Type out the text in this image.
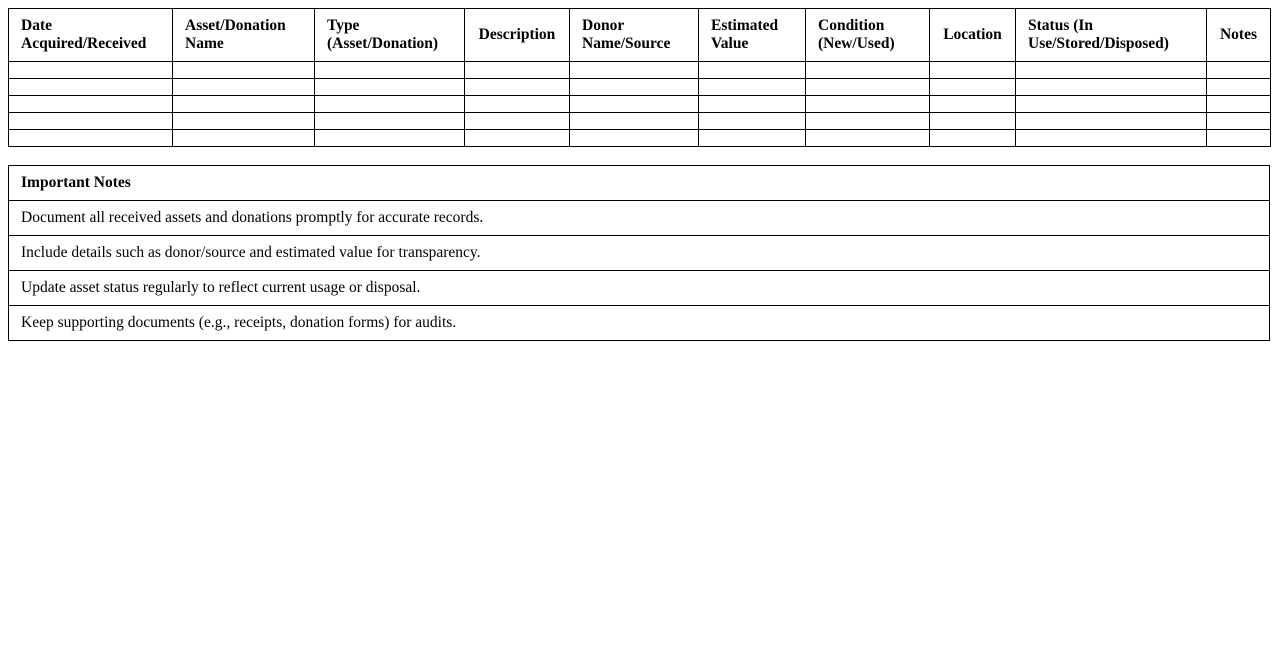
Date Acquired/Received	Asset/Donation Name	Type (Asset/Donation)	Description	Donor Name/Source	Estimated Value	Condition (New/Used)	Location	Status (In Use/Stored/Disposed)	Notes

Important Notes
Document all received assets and donations promptly for accurate records.
Include details such as donor/source and estimated value for transparency.
Update asset status regularly to reflect current usage or disposal.
Keep supporting documents (e.g., receipts, donation forms) for audits.
